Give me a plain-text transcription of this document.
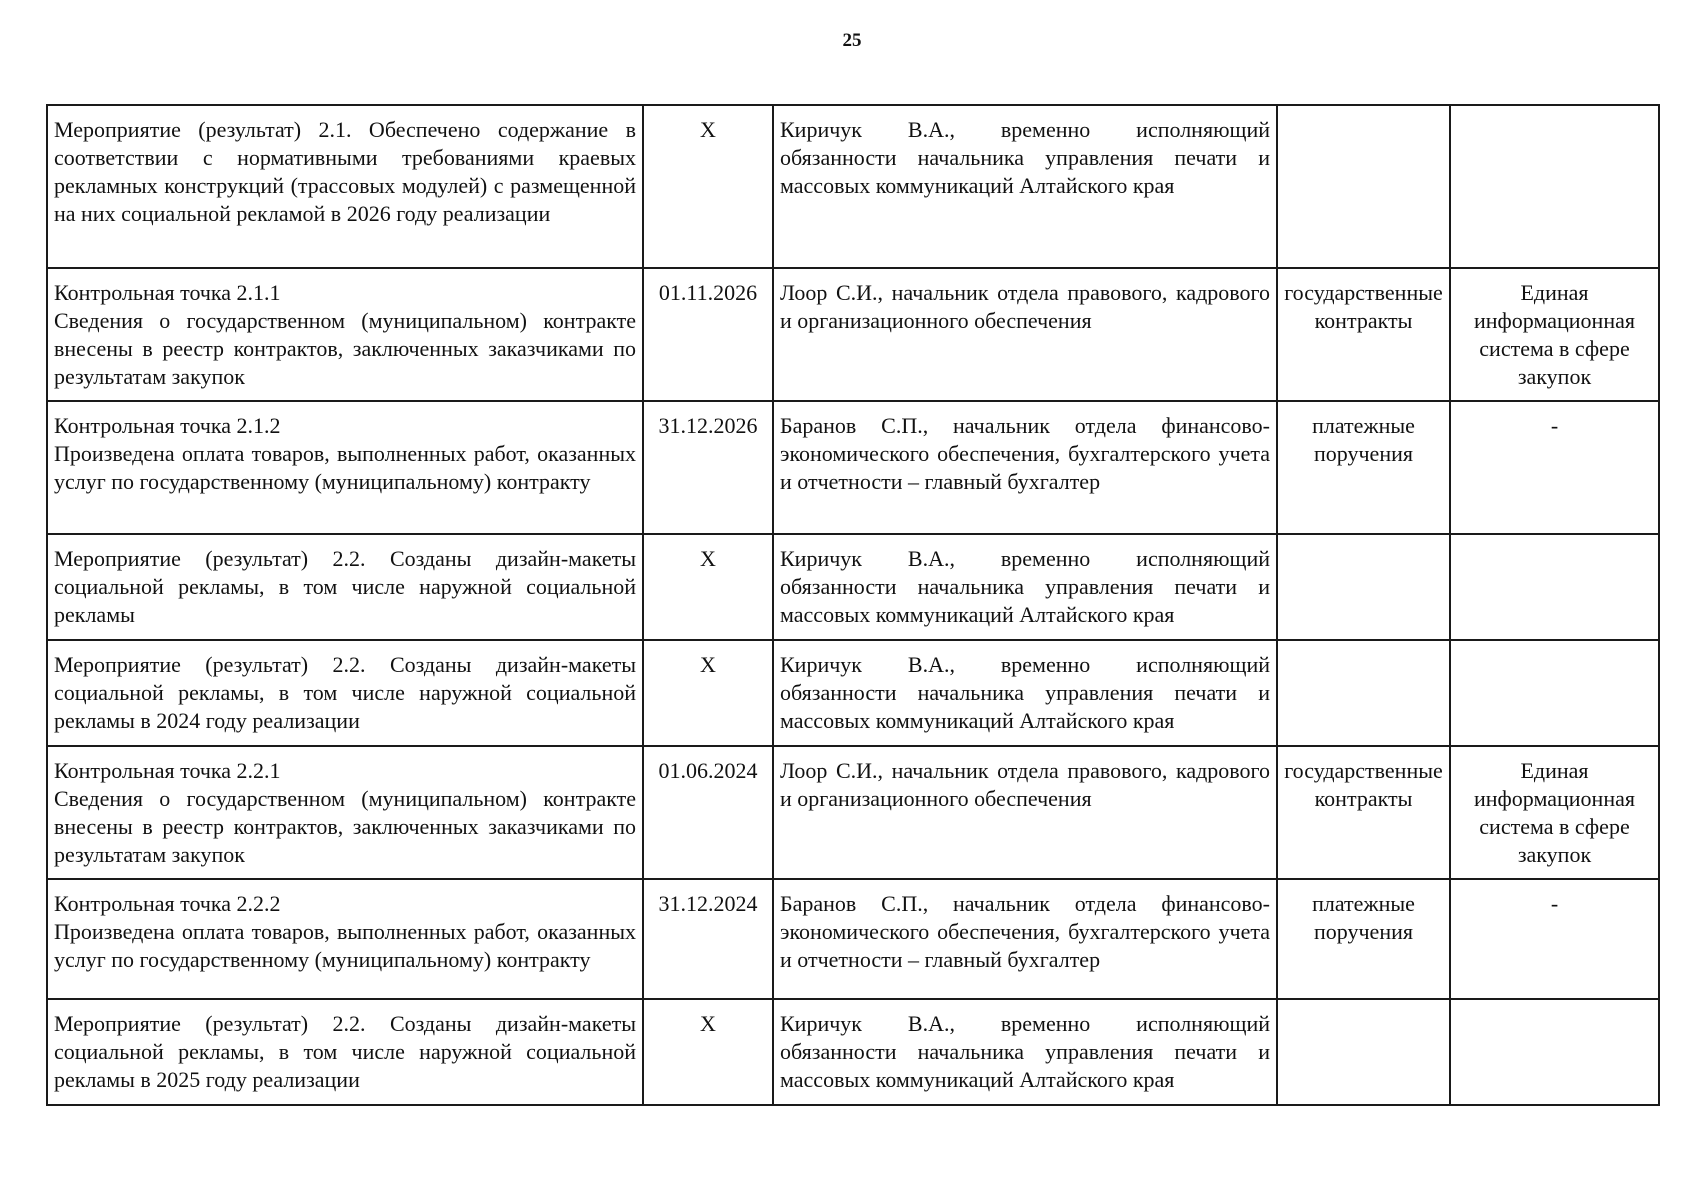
25
Мероприятие (результат) 2.1. Обеспечено содержание в соответствии с нормативными требованиями краевых рекламных конструкций (трассовых модулей) с размещенной на них социальной рекламой в 2026 году реализации	X	Киричук В.А., временно исполняющий обязанности начальника управления печати и массовых коммуникаций Алтайского края		

Контрольная точка 2.1.1
Сведения о государственном (муниципальном) контракте внесены в реестр контрактов, заключенных заказчиками по результатам закупок	01.11.2026	Лоор С.И., начальник отдела правового, кадрового и организационного обеспечения	государственные контракты	Единая информационная система в сфере закупок

Контрольная точка 2.1.2
Произведена оплата товаров, выполненных работ, оказанных услуг по государственному (муниципальному) контракту	31.12.2026	Баранов С.П., начальник отдела финансово-экономического обеспечения, бухгалтерского учета и отчетности – главный бухгалтер	платежные поручения	-

Мероприятие (результат) 2.2. Созданы дизайн-макеты социальной рекламы, в том числе наружной социальной рекламы	X	Киричук В.А., временно исполняющий обязанности начальника управления печати и массовых коммуникаций Алтайского края		

Мероприятие (результат) 2.2. Созданы дизайн-макеты социальной рекламы, в том числе наружной социальной рекламы в 2024 году реализации	X	Киричук В.А., временно исполняющий обязанности начальника управления печати и массовых коммуникаций Алтайского края		

Контрольная точка 2.2.1
Сведения о государственном (муниципальном) контракте внесены в реестр контрактов, заключенных заказчиками по результатам закупок	01.06.2024	Лоор С.И., начальник отдела правового, кадрового и организационного обеспечения	государственные контракты	Единая информационная система в сфере закупок

Контрольная точка 2.2.2
Произведена оплата товаров, выполненных работ, оказанных услуг по государственному (муниципальному) контракту	31.12.2024	Баранов С.П., начальник отдела финансово-экономического обеспечения, бухгалтерского учета и отчетности – главный бухгалтер	платежные поручения	-

Мероприятие (результат) 2.2. Созданы дизайн-макеты социальной рекламы, в том числе наружной социальной рекламы в 2025 году реализации	X	Киричук В.А., временно исполняющий обязанности начальника управления печати и массовых коммуникаций Алтайского края		
